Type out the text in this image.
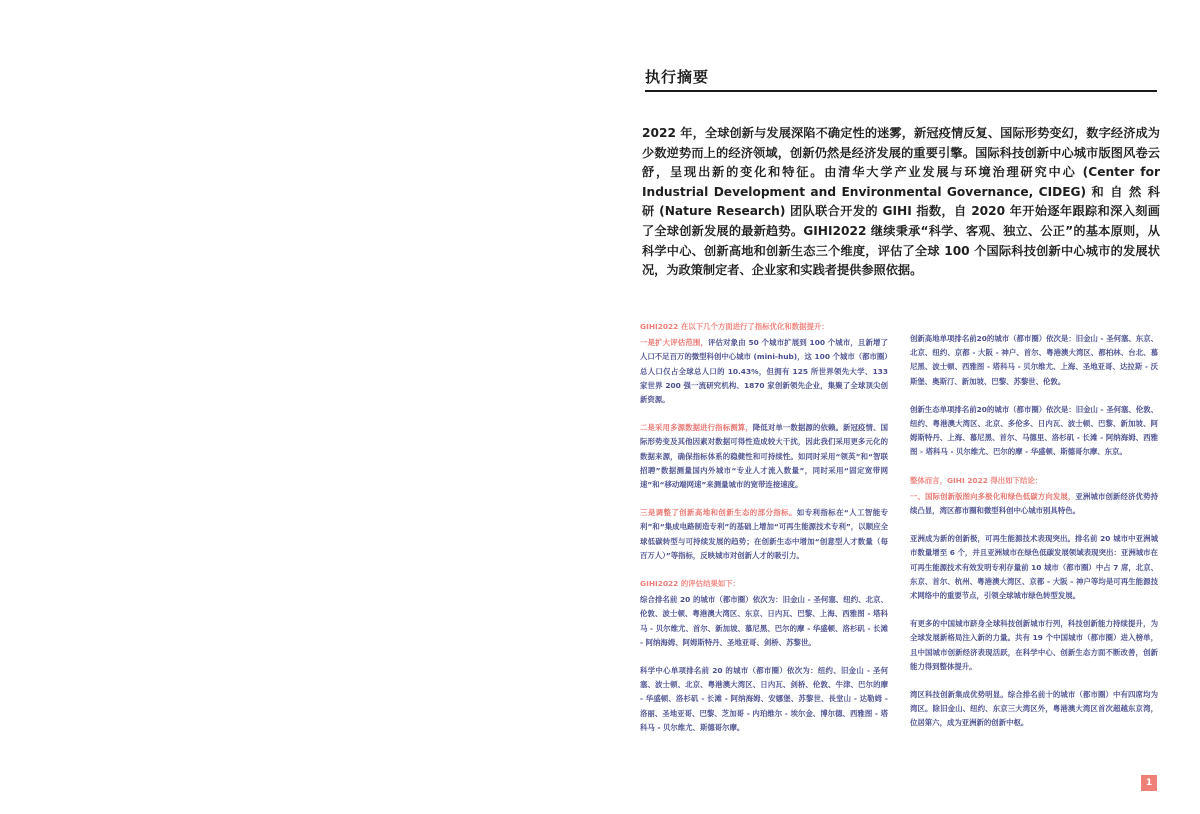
执行摘要
2022 年，全球创新与发展深陷不确定性的迷雾，新冠疫情反复、国际形势变幻，数字经济成为少数逆势而上的经济领域，创新仍然是经济发展的重要引擎。国际科技创新中心城市版图风卷云舒，呈现出新的变化和特征。由清华大学产业发展与环境治理研究中心 (Center for Industrial Development and Environmental Governance, CIDEG) 和 自 然 科 研 (Nature Research) 团队联合开发的 GIHI 指数，自 2020 年开始逐年跟踪和深入刻画了全球创新发展的最新趋势。GIHI2022 继续秉承“科学、客观、独立、公正”的基本原则，从科学中心、创新高地和创新生态三个维度，评估了全球 100 个国际科技创新中心城市的发展状况，为政策制定者、企业家和实践者提供参照依据。

GIHI2022 在以下几个方面进行了指标优化和数据提升：

一是扩大评估范围，评估对象由 50 个城市扩展到 100 个城市，且新增了人口不足百万的微型科创中心城市 (mini-hub)，这 100 个城市（都市圈）总人口仅占全球总人口的 10.43%，但拥有 125 所世界领先大学、133 家世界 200 强一流研究机构、1870 家创新领先企业，集聚了全球顶尖创新资源。

二是采用多源数据进行指标测算，降低对单一数据源的依赖。新冠疫情、国际形势变及其他因素对数据可得性造成较大干扰，因此我们采用更多元化的数据来源，确保指标体系的稳健性和可持续性。如同时采用“领英”和“智联招聘”数据测量国内外城市“专业人才流入数量”，同时采用“固定宽带网速”和“移动端网速”来测量城市的宽带连接速度。

三是调整了创新高地和创新生态的部分指标。如专利指标在“人工智能专利”和“集成电路制造专利”的基础上增加“可再生能源技术专利”，以顺应全球低碳转型与可持续发展的趋势；在创新生态中增加“创意型人才数量（每百万人）”等指标，反映城市对创新人才的吸引力。

GIHI2022 的评估结果如下：

综合排名前 20 的城市（都市圈）依次为：旧金山 - 圣何塞、纽约、北京、伦敦、波士顿、粤港澳大湾区、东京、日内瓦、巴黎、上海、西雅图 - 塔科马 - 贝尔维尤、首尔、新加坡、慕尼黑、巴尔的摩 - 华盛顿、洛杉矶 - 长滩 - 阿纳海姆、阿姆斯特丹、圣地亚哥、剑桥、苏黎世。

科学中心单项排名前 20 的城市（都市圈）依次为：纽约、旧金山 - 圣何塞、波士顿、北京、粤港澳大湾区、日内瓦、剑桥、伦敦、牛津、巴尔的摩 - 华盛顿、洛杉矶 - 长滩 - 阿纳海姆、安娜堡、苏黎世、長堂山 - 达勒姆 - 洛丽、圣地亚哥、巴黎、芝加哥 - 内珀维尔 - 埃尔金、博尔德、西雅图 - 塔科马 - 贝尔维尤、斯德哥尔摩。

创新高地单项排名前20的城市（都市圈）依次是：旧金山 - 圣何塞、东京、北京、纽约、京都 - 大阪 - 神户、首尔、粤港澳大湾区、都柏林、台北、慕尼黑、波士顿、西雅图 - 塔科马 - 贝尔维尤、上海、圣地亚哥、达拉斯 - 沃斯堡、奥斯汀、新加坡、巴黎、苏黎世、伦敦。

创新生态单项排名前20的城市（都市圈）依次是：旧金山 - 圣何塞、伦敦、纽约、粤港澳大湾区、北京、多伦多、日内瓦、波士顿、巴黎、新加坡、阿姆斯特丹、上海、慕尼黑、首尔、马德里、洛杉矶 - 长滩 - 阿纳海姆、西雅图 - 塔科马 - 贝尔维尤、巴尔的摩 - 华盛顿、斯德哥尔摩、东京。

整体而言，GIHI 2022 得出如下结论：

一、国际创新版图向多极化和绿色低碳方向发展，亚洲城市创新经济优势持续凸显，湾区都市圈和微型科创中心城市别具特色。

亚洲成为新的创新极，可再生能源技术表现突出。排名前 20 城市中亚洲城市数量增至 6 个，并且亚洲城市在绿色低碳发展领域表现突出：亚洲城市在可再生能源技术有效发明专利存量前 10 城市（都市圈）中占 7 席，北京、东京、首尔、杭州、粤港澳大湾区、京都 - 大阪 - 神户等均是可再生能源技术网络中的重要节点，引领全球城市绿色转型发展。

有更多的中国城市跻身全球科技创新城市行列，科技创新能力持续提升，为全球发展新格局注入新的力量。共有 19 个中国城市（都市圈）进入榜单，且中国城市创新经济表现活跃，在科学中心、创新生态方面不断改善，创新能力得到整体提升。

湾区科技创新集成优势明显。综合排名前十的城市（都市圈）中有四席均为湾区。除旧金山、纽约、东京三大湾区外，粤港澳大湾区首次超越东京湾，位居第六，成为亚洲新的创新中枢。

1
